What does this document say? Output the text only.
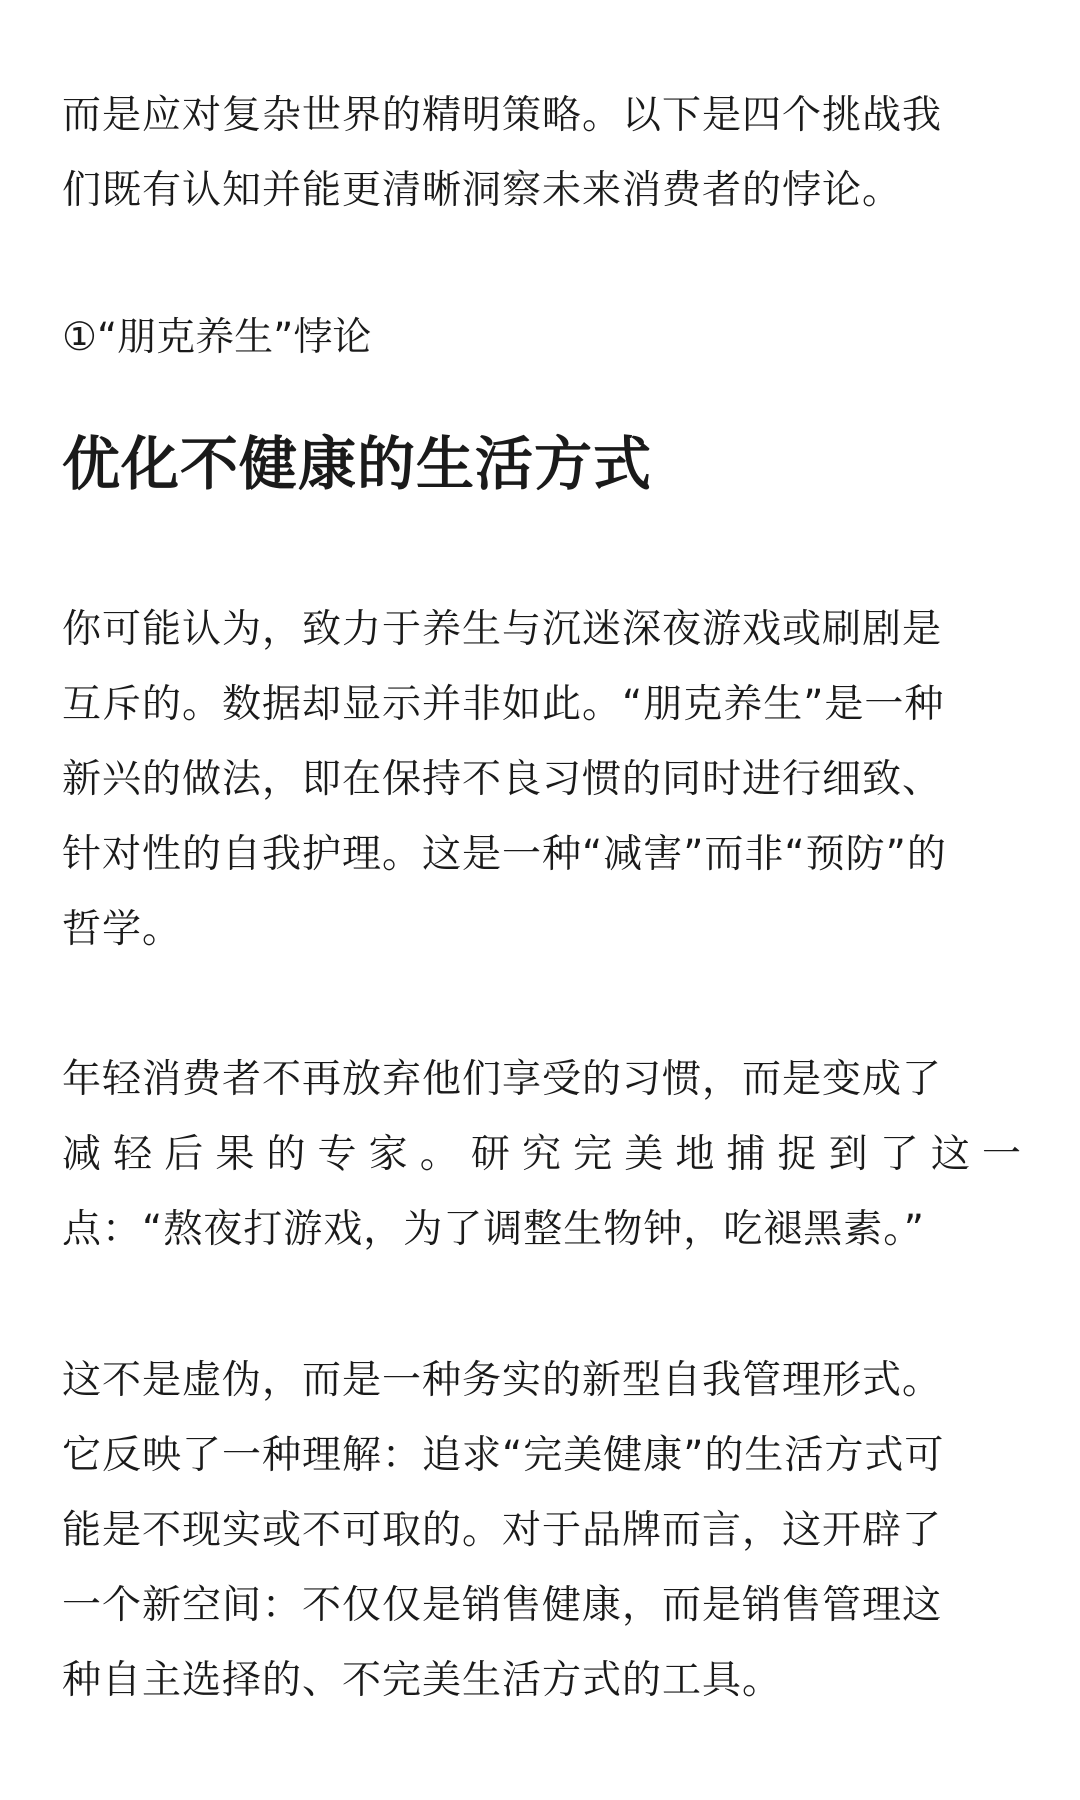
而是应对复杂世界的精明策略。以下是四个挑战我
们既有认知并能更清晰洞察未来消费者的悖论。

①“朋克养生”悖论

优化不健康的生活方式

你可能认为，致力于养生与沉迷深夜游戏或刷剧是
互斥的。数据却显示并非如此。“朋克养生”是一种
新兴的做法，即在保持不良习惯的同时进行细致、
针对性的自我护理。这是一种“减害”而非“预防”的
哲学。

年轻消费者不再放弃他们享受的习惯，而是变成了
减 轻 后 果 的 专 家 。 研 究 完 美 地 捕 捉 到 了 这 一
点：“熬夜打游戏，为了调整生物钟，吃褪黑素。”

这不是虚伪，而是一种务实的新型自我管理形式。
它反映了一种理解：追求“完美健康”的生活方式可
能是不现实或不可取的。对于品牌而言，这开辟了
一个新空间：不仅仅是销售健康，而是销售管理这
种自主选择的、不完美生活方式的工具。
